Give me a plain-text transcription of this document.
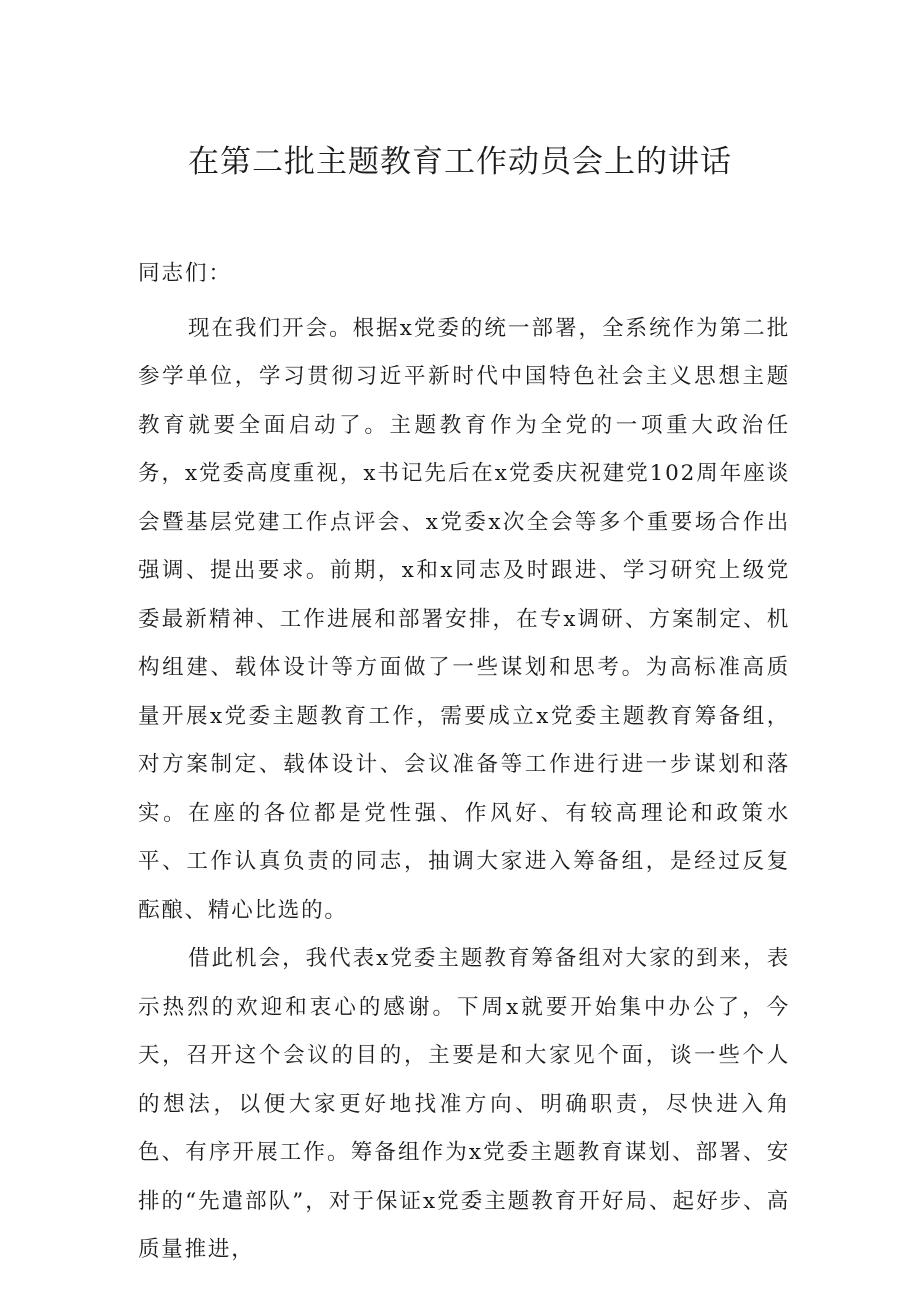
在第二批主题教育工作动员会上的讲话

同志们：

现在我们开会。根据x党委的统一部署，全系统作为第二批参学单位，学习贯彻习近平新时代中国特色社会主义思想主题教育就要全面启动了。主题教育作为全党的一项重大政治任务，x党委高度重视，x书记先后在x党委庆祝建党102周年座谈会暨基层党建工作点评会、x党委x次全会等多个重要场合作出强调、提出要求。前期，x和x同志及时跟进、学习研究上级党委最新精神、工作进展和部署安排，在专x调研、方案制定、机构组建、载体设计等方面做了一些谋划和思考。为高标准高质量开展x党委主题教育工作，需要成立x党委主题教育筹备组，对方案制定、载体设计、会议准备等工作进行进一步谋划和落实。在座的各位都是党性强、作风好、有较高理论和政策水平、工作认真负责的同志，抽调大家进入筹备组，是经过反复酝酿、精心比选的。

借此机会，我代表x党委主题教育筹备组对大家的到来，表示热烈的欢迎和衷心的感谢。下周x就要开始集中办公了，今天，召开这个会议的目的，主要是和大家见个面，谈一些个人的想法，以便大家更好地找准方向、明确职责，尽快进入角色、有序开展工作。筹备组作为x党委主题教育谋划、部署、安排的“先遣部队”，对于保证x党委主题教育开好局、起好步、高质量推进，
